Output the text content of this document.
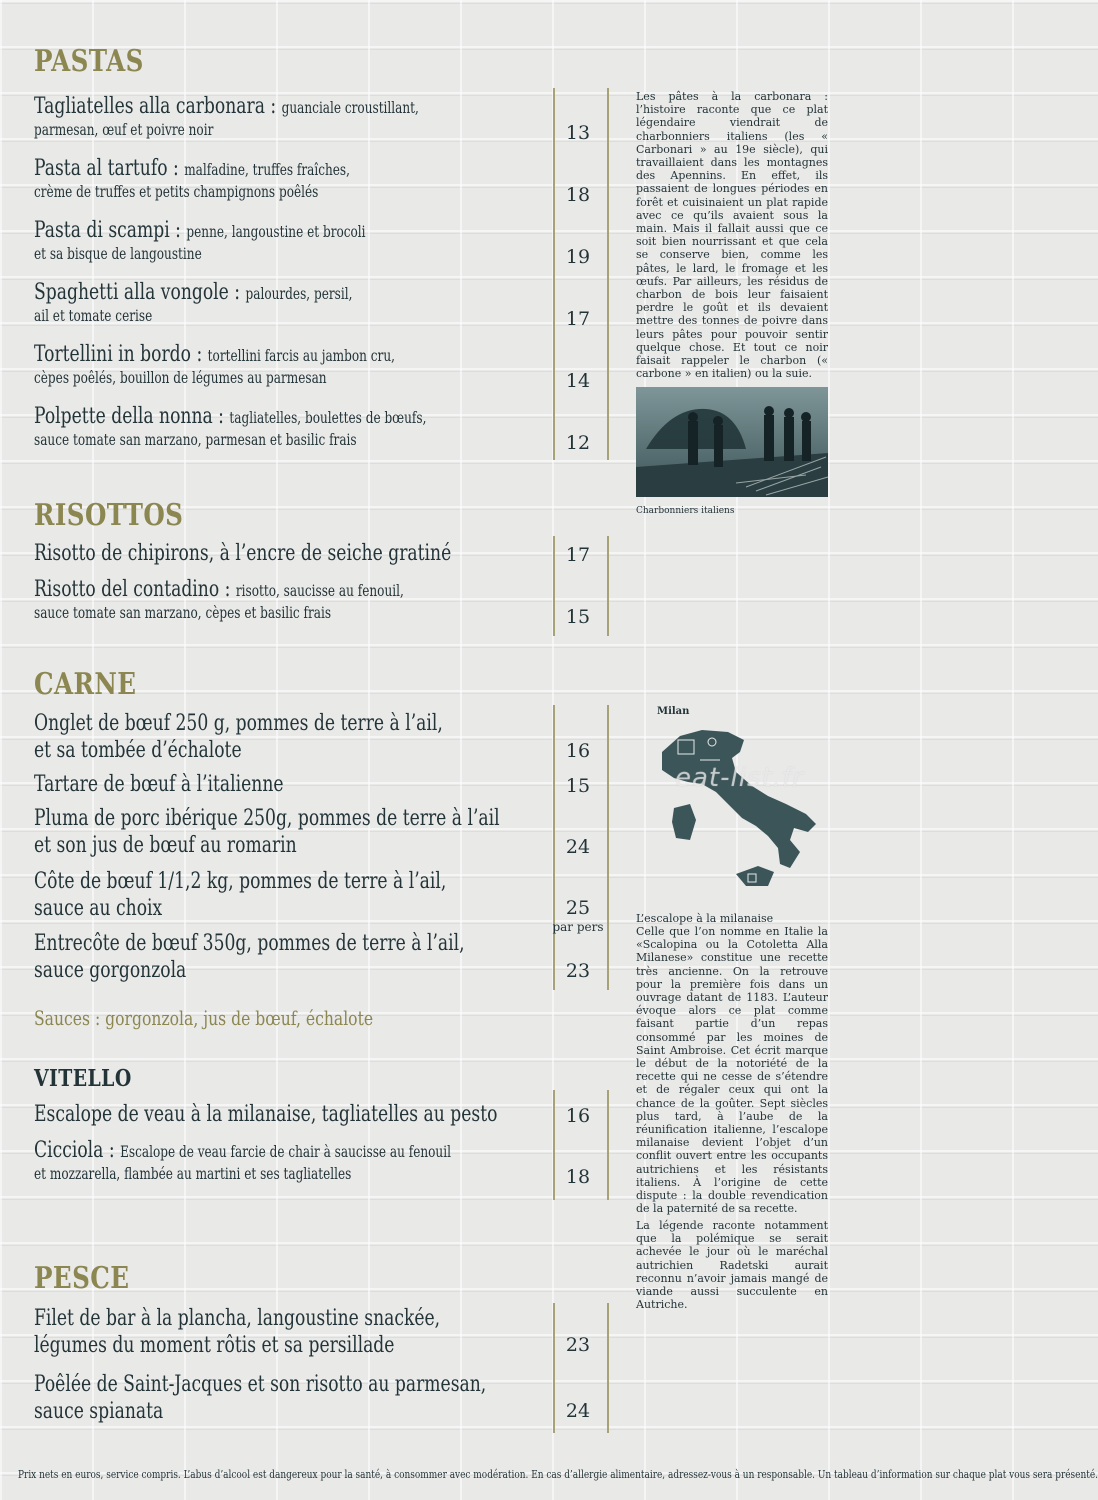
PASTAS
Tagliatelles alla carbonara : guanciale croustillant,
parmesan, œuf et poivre noir	13
Pasta al tartufo : malfadine, truffes fraîches,
crème de truffes et petits champignons poêlés	18
Pasta di scampi : penne, langoustine et brocoli
et sa bisque de langoustine	19
Spaghetti alla vongole : palourdes, persil,
ail et tomate cerise	17
Tortellini in bordo : tortellini farcis au jambon cru,
cèpes poêlés, bouillon de légumes au parmesan	14
Polpette della nonna : tagliatelles, boulettes de bœufs,
sauce tomate san marzano, parmesan et basilic frais	12
Les pâtes à la carbonara : l’histoire raconte que ce plat légendaire viendrait de charbonniers italiens (les « Carbonari » au 19e siècle), qui travaillaient dans les montagnes des Apennins. En effet, ils passaient de longues périodes en forêt et cuisinaient un plat rapide avec ce qu’ils avaient sous la main. Mais il fallait aussi que ce soit bien nourrissant et que cela se conserve bien, comme les pâtes, le lard, le fromage et les œufs. Par ailleurs, les résidus de charbon de bois leur faisaient perdre le goût et ils devaient mettre des tonnes de poivre dans leurs pâtes pour pouvoir sentir quelque chose. Et tout ce noir faisait rappeler le charbon (« carbone » en italien) ou la suie.
Charbonniers italiens
RISOTTOS
Risotto de chipirons, à l’encre de seiche gratiné	17
Risotto del contadino : risotto, saucisse au fenouil,
sauce tomate san marzano, cèpes et basilic frais	15
CARNE
Onglet de bœuf 250 g, pommes de terre à l’ail,
et sa tombée d’échalote	16
Tartare de bœuf à l’italienne	15
Pluma de porc ibérique 250g, pommes de terre à l’ail
et son jus de bœuf au romarin	24
Côte de bœuf 1/1,2 kg, pommes de terre à l’ail,
sauce au choix	25
par pers
Entrecôte de bœuf 350g, pommes de terre à l’ail,
sauce gorgonzola	23
Sauces : gorgonzola, jus de bœuf, échalote
Milan
eat-list.fr
L’escalope à la milanaise
Celle que l’on nomme en Italie la «Scalopina ou la Cotoletta Alla Milanese» constitue une recette très ancienne. On la retrouve pour la première fois dans un ouvrage datant de 1183. L’auteur évoque alors ce plat comme faisant partie d’un repas consommé par les moines de Saint Ambroise. Cet écrit marque le début de la notoriété de la recette qui ne cesse de s’étendre et de régaler ceux qui ont la chance de la goûter. Sept siècles plus tard, à l’aube de la réunification italienne, l’escalope milanaise devient l’objet d’un conflit ouvert entre les occupants autrichiens et les résistants italiens. À l’origine de cette dispute : la double revendication de la paternité de sa recette.
La légende raconte notamment que la polémique se serait achevée le jour où le maréchal autrichien Radetski aurait reconnu n’avoir jamais mangé de viande aussi succulente en Autriche.
VITELLO
Escalope de veau à la milanaise, tagliatelles au pesto	16
Cicciola : Escalope de veau farcie de chair à saucisse au fenouil
et mozzarella, flambée au martini et ses tagliatelles	18
PESCE
Filet de bar à la plancha, langoustine snackée,
légumes du moment rôtis et sa persillade	23
Poêlée de Saint-Jacques et son risotto au parmesan,
sauce spianata	24
Prix nets en euros, service compris. L’abus d’alcool est dangereux pour la santé, à consommer avec modération. En cas d’allergie alimentaire, adressez-vous à un responsable. Un tableau d’information sur chaque plat vous sera présenté.
